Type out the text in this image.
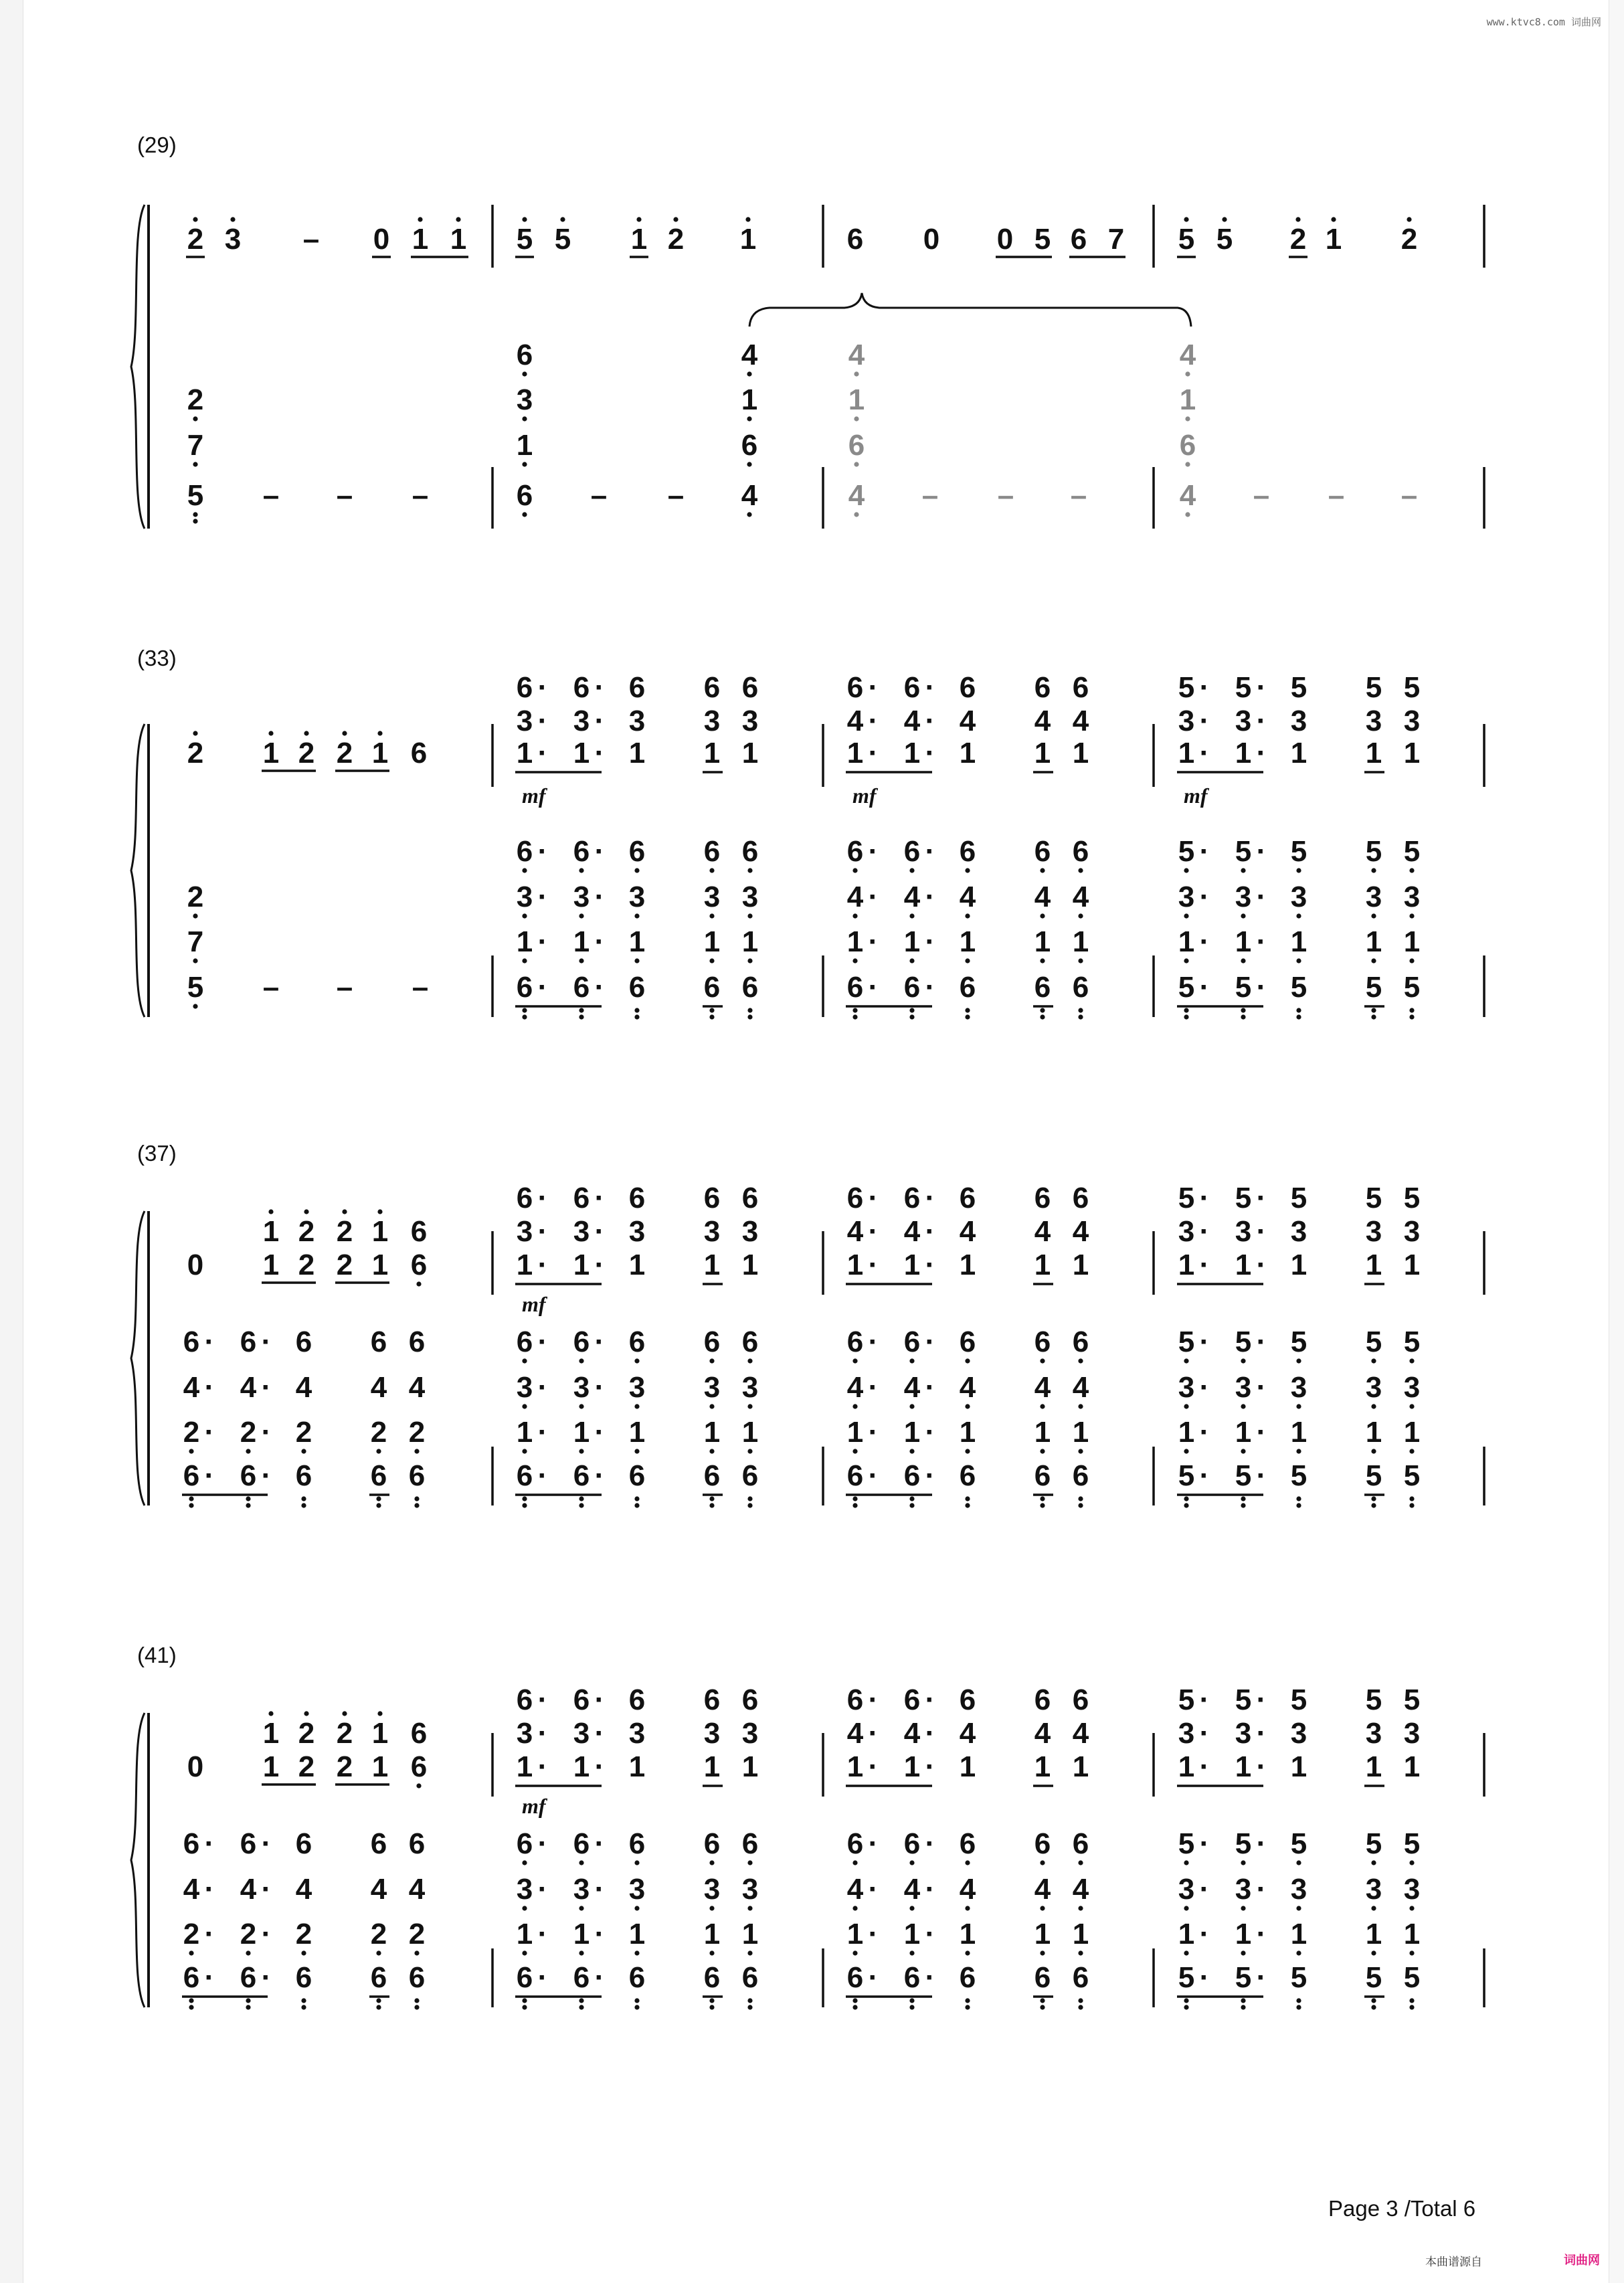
www.ktvc8.com 词曲网
(29)
2 3 – 0 1 1 5 5 1 2 1	6 0 0 5 6 7 5 5 2 1 2
5
7
2
– – –	6
1
3
6
– – 4
6
1
4
4
6
1
4
– – –	4
6
1
4
– – –
(33)
2 1 2 2 1 6
5
7
2
– – –
6 · 6 · 6 6 6
3 · 3 · 3 3 3
1 · 1 · 1 1 1
6 · 6 · 6 6 6
3 · 3 · 3 3 3
1 · 1 · 1 1 1
6 · 6 · 6 6 6
mf
6 · 6 · 6 6 6
4 · 4 · 4 4 4
1 · 1 · 1 1 1
6 · 6 · 6 6 6
4 · 4 · 4 4 4
1 · 1 · 1 1 1
6 · 6 · 6 6 6
mf
5 · 5 · 5 5 5
3 · 3 · 3 3 3
1 · 1 · 1 1 1
5 · 5 · 5 5 5
3 · 3 · 3 3 3
1 · 1 · 1 1 1
5 · 5 · 5 5 5
mf
(37)
0
1 2 2 1 6
1 2 2 1 6
6 · 6 · 6 6 6
4 · 4 · 4 4 4
2 · 2 · 2 2 2
6 · 6 · 6 6 6
6 · 6 · 6 6 6
3 · 3 · 3 3 3
1 · 1 · 1 1 1
6 · 6 · 6 6 6
3 · 3 · 3 3 3
1 · 1 · 1 1 1
6 · 6 · 6 6 6
6 · 6 · 6 6 6
4 · 4 · 4 4 4
1 · 1 · 1 1 1
6 · 6 · 6 6 6
4 · 4 · 4 4 4
1 · 1 · 1 1 1
6 · 6 · 6 6 6
5 · 5 · 5 5 5
3 · 3 · 3 3 3
1 · 1 · 1 1 1
5 · 5 · 5 5 5
3 · 3 · 3 3 3
1 · 1 · 1 1 1
5 · 5 · 5 5 5
mf
(41)
0
1 2 2 1 6
1 2 2 1 6
6 · 6 · 6 6 6
4 · 4 · 4 4 4
2 · 2 · 2 2 2
6 · 6 · 6 6 6
6 · 6 · 6 6 6
3 · 3 · 3 3 3
1 · 1 · 1 1 1
6 · 6 · 6 6 6
3 · 3 · 3 3 3
1 · 1 · 1 1 1
6 · 6 · 6 6 6
6 · 6 · 6 6 6
4 · 4 · 4 4 4
1 · 1 · 1 1 1
6 · 6 · 6 6 6
4 · 4 · 4 4 4
1 · 1 · 1 1 1
6 · 6 · 6 6 6
5 · 5 · 5 5 5
3 · 3 · 3 3 3
1 · 1 · 1 1 1
5 · 5 · 5 5 5
3 · 3 · 3 3 3
1 · 1 · 1 1 1
5 · 5 · 5 5 5
mf
Page 3 /Total 6
本曲谱源自	词曲网
